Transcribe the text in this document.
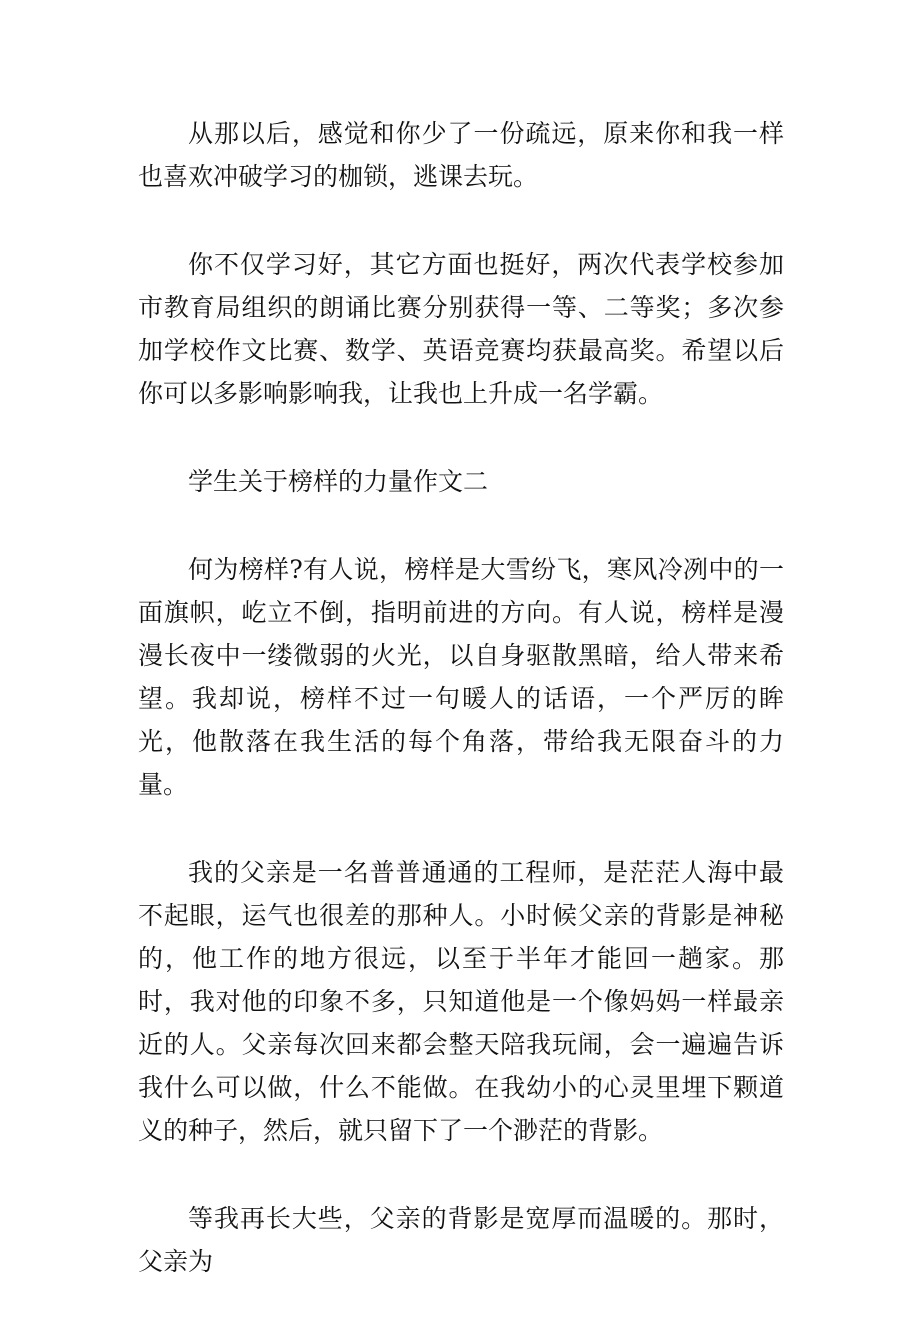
从那以后，感觉和你少了一份疏远，原来你和我一样也喜欢冲破学习的枷锁，逃课去玩。

你不仅学习好，其它方面也挺好，两次代表学校参加市教育局组织的朗诵比赛分别获得一等、二等奖；多次参加学校作文比赛、数学、英语竞赛均获最高奖。希望以后你可以多影响影响我，让我也上升成一名学霸。

学生关于榜样的力量作文二

何为榜样?有人说，榜样是大雪纷飞，寒风冷冽中的一面旗帜，屹立不倒，指明前进的方向。有人说，榜样是漫漫长夜中一缕微弱的火光，以自身驱散黑暗，给人带来希望。我却说，榜样不过一句暖人的话语，一个严厉的眸光，他散落在我生活的每个角落，带给我无限奋斗的力量。

我的父亲是一名普普通通的工程师，是茫茫人海中最不起眼，运气也很差的那种人。小时候父亲的背影是神秘的，他工作的地方很远，以至于半年才能回一趟家。那时，我对他的印象不多，只知道他是一个像妈妈一样最亲近的人。父亲每次回来都会整天陪我玩闹，会一遍遍告诉我什么可以做，什么不能做。在我幼小的心灵里埋下颗道义的种子，然后，就只留下了一个渺茫的背影。

等我再长大些，父亲的背影是宽厚而温暖的。那时，父亲为
